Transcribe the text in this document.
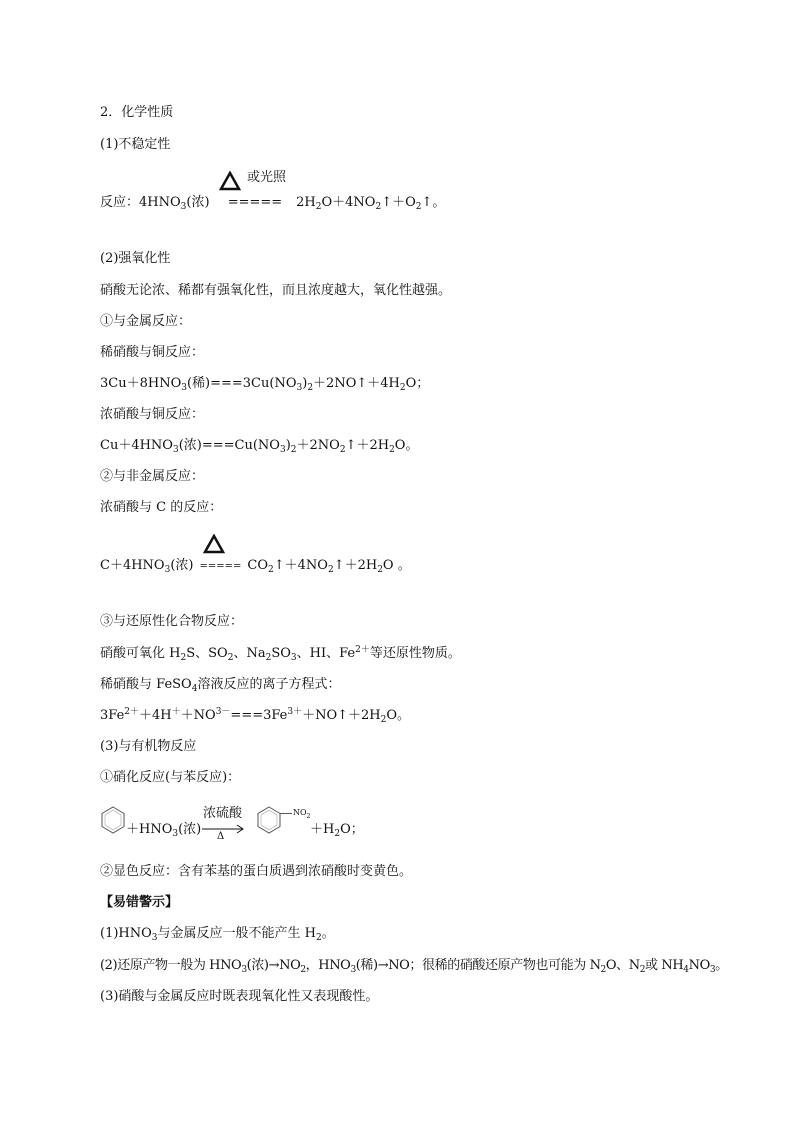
2．化学性质
(1)不稳定性
或光照
反应：$4HNO_3$(浓) ===== $2H_2O+4NO_2↑+O_2↑$。
(2)强氧化性
硝酸无论浓、稀都有强氧化性，而且浓度越大，氧化性越强。
①与金属反应：
稀硝酸与铜反应：
$3Cu+8HNO_3$(稀)$===3Cu(NO_3)_2+2NO↑+4H_2O$；
浓硝酸与铜反应：
$Cu+4HNO_3$(浓)$===Cu(NO_3)_2+2NO_2↑+2H_2O$。
②与非金属反应：
浓硝酸与 C 的反应：
$C+4HNO_3$(浓) ===== $CO_2↑+4NO_2↑+2H_2O$ 。
③与还原性化合物反应：
硝酸可氧化 $H_2S$、$SO_2$、$Na_2SO_3$、HI、$Fe^{2+}$等还原性物质。
稀硝酸与 FeSO$_4$溶液反应的离子方程式：
$3Fe^{2+}+4H^++NO^{3-}===3Fe^{3+}+NO↑+2H_2O$。
(3)与有机物反应
①硝化反应(与苯反应)：
$+HNO_3$(浓)
浓硫酸
Δ
$NO_2$
$+H_2O$；
②显色反应：含有苯基的蛋白质遇到浓硝酸时变黄色。
【易错警示】
$(1)HNO_3$与金属反应一般不能产生 $H_2$。
(2)还原产物一般为 $HNO_3$(浓)$\to NO_2$，$HNO_3$(稀)→NO；很稀的硝酸还原产物也可能为 $N_2O$、$N_2$或 $NH_4NO_3$。
(3)硝酸与金属反应时既表现氧化性又表现酸性。
